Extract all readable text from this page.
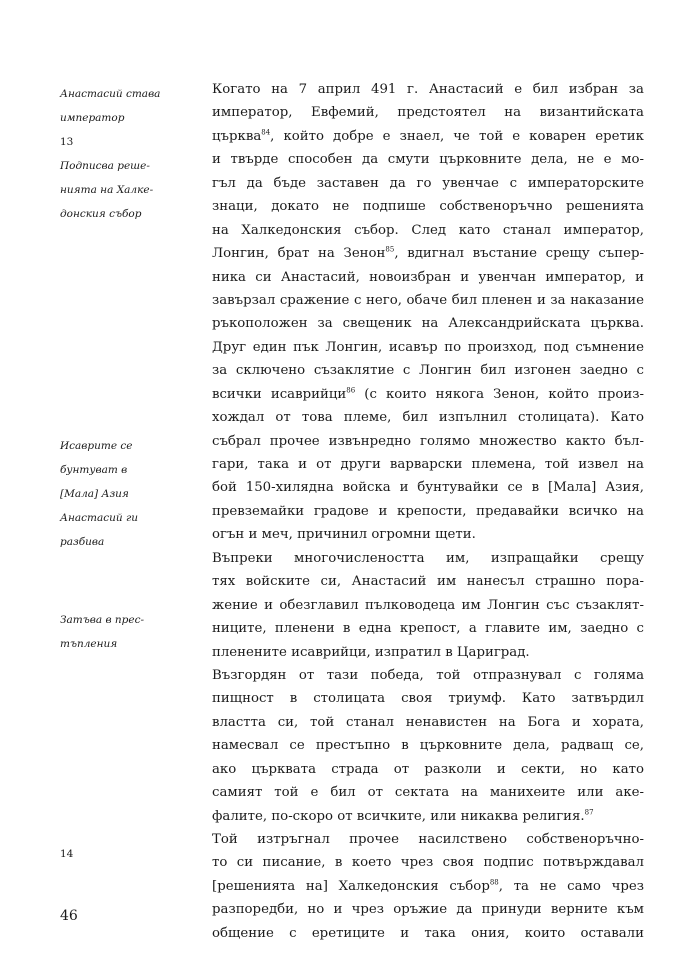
Анастасий става
император
13
Подписва реше-
нията на Халке-
донския събор
Исаврите се
бунтуват в
[Мала] Азия
Анастасий ги
разбива
Затъва в прес-
тъпления
14
Когато на 7 април 491 г. Анастасий е бил избран за
император, Евфемий, предстоятел на византийската
църква$^{84}$, който добре е знаел, че той е коварен еретик
и твърде способен да смути църковните дела, не е мо-
гъл да бъде заставен да го увенчае с императорските
знаци, докато не подпише собственоръчно решенията
на Халкедонския събор. След като станал император,
Лонгин, брат на Зенон$^{85}$, вдигнал въстание срещу съпер-
ника си Анастасий, новоизбран и увенчан император, и
завързал сражение с него, обаче бил пленен и за наказание
ръкоположен за свещеник на Александрийската църква.
Друг един пък Лонгин, исавър по произход, под съмнение
за сключено съзаклятие с Лонгин бил изгонен заедно с
всички исаврийци$^{86}$ (с които някога Зенон, който произ-
хождал от това племе, бил изпълнил столицата). Като
събрал прочее извънредно голямо множество както бъл-
гари, така и от други варварски племена, той извел на
бой 150-хилядна войска и бунтувайки се в [Мала] Азия,
превземайки градове и крепости, предавайки всичко на
огън и меч, причинил огромни щети.
Въпреки многочислеността им, изпращайки срещу
тях войските си, Анастасий им нанесъл страшно пора-
жение и обезглавил пълководеца им Лонгин със съзаклят-
ниците, пленени в една крепост, а главите им, заедно с
пленените исаврийци, изпратил в Цариград.
Възгордян от тази победа, той отпразнувал с голяма
пищност в столицата своя триумф. Като затвърдил
властта си, той станал ненавистен на Бога и хората,
намесвал се престъпно в църковните дела, радващ се,
ако църквата страда от разколи и секти, но като
самият той е бил от сектата на манихеите или аке-
фалите, по-скоро от всичките, или никаква религия.$^{87}$
Той изтръгнал прочее насилствено собственоръчно-
то си писание, в което чрез своя подпис потвърждавал
[решенията на] Халкедонския събор$^{88}$, та не само чрез
разпоредби, но и чрез оръжие да принуди верните към
общение с еретиците и така ония, които оставали
46
